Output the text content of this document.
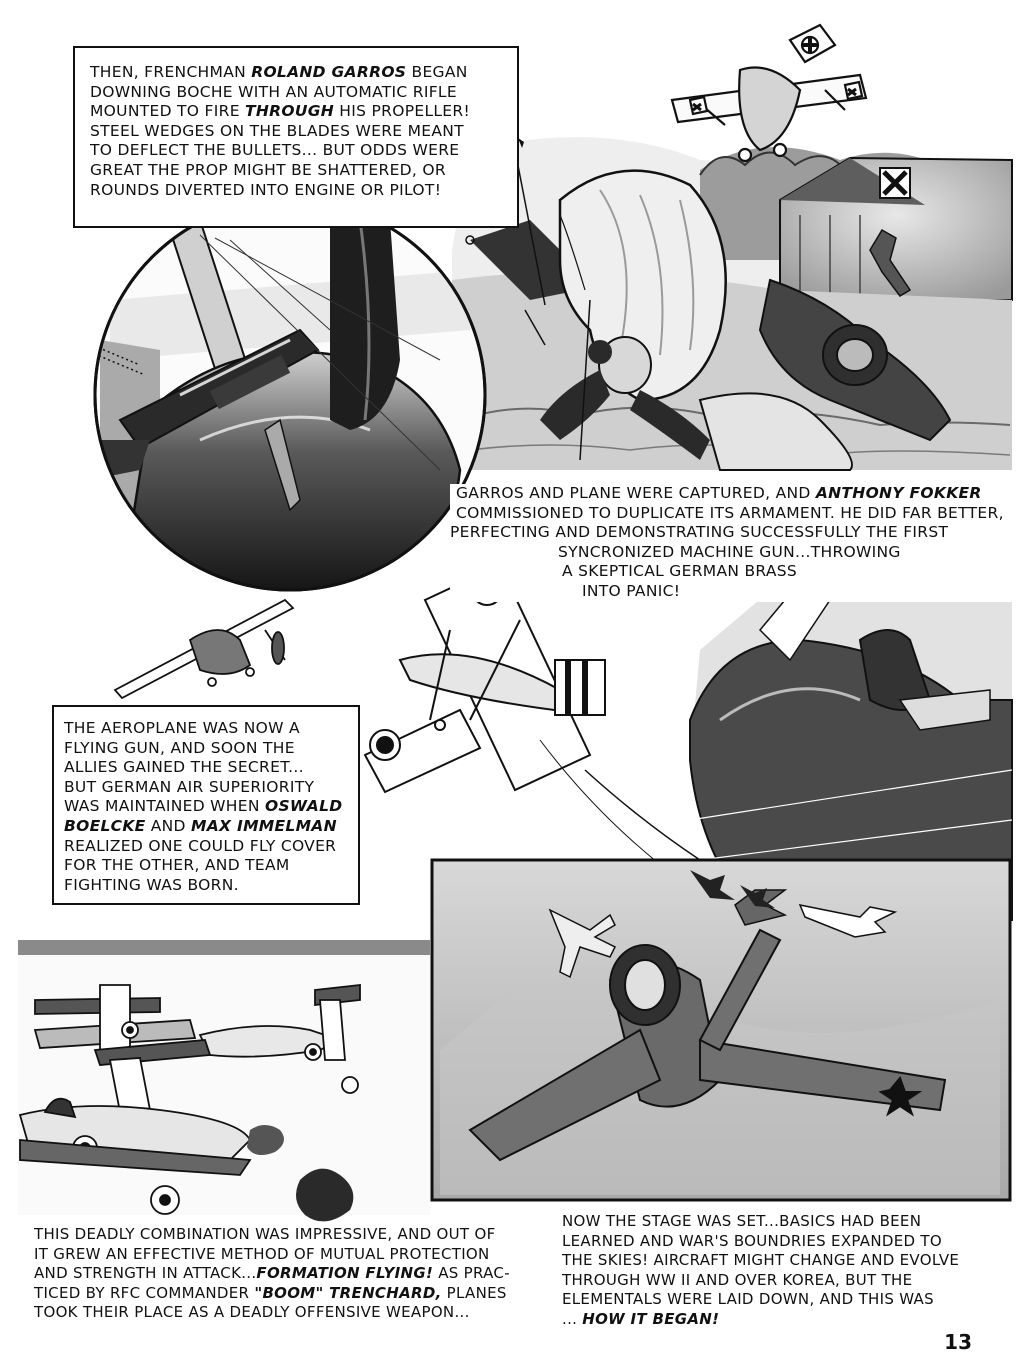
THEN, FRENCHMAN ROLAND GARROS BEGAN
DOWNING BOCHE WITH AN AUTOMATIC RIFLE
MOUNTED TO FIRE THROUGH HIS PROPELLER!
STEEL WEDGES ON THE BLADES WERE MEANT
TO DEFLECT THE BULLETS... BUT ODDS WERE
GREAT THE PROP MIGHT BE SHATTERED, OR
ROUNDS DIVERTED INTO ENGINE OR PILOT!
GARROS AND PLANE WERE CAPTURED, AND ANTHONY FOKKER
COMMISSIONED TO DUPLICATE ITS ARMAMENT. HE DID FAR BETTER,
PERFECTING AND DEMONSTRATING SUCCESSFULLY THE FIRST
SYNCRONIZED MACHINE GUN...THROWING
A SKEPTICAL GERMAN BRASS
INTO PANIC!
THE AEROPLANE WAS NOW A
FLYING GUN, AND SOON THE
ALLIES GAINED THE SECRET...
BUT GERMAN AIR SUPERIORITY
WAS MAINTAINED WHEN OSWALD
BOELCKE AND MAX IMMELMAN
REALIZED ONE COULD FLY COVER
FOR THE OTHER, AND TEAM
FIGHTING WAS BORN.
THIS DEADLY COMBINATION WAS IMPRESSIVE, AND OUT OF
IT GREW AN EFFECTIVE METHOD OF MUTUAL PROTECTION
AND STRENGTH IN ATTACK...FORMATION FLYING! AS PRAC-
TICED BY RFC COMMANDER "BOOM" TRENCHARD, PLANES
TOOK THEIR PLACE AS A DEADLY OFFENSIVE WEAPON...
NOW THE STAGE WAS SET...BASICS HAD BEEN
LEARNED AND WAR'S BOUNDRIES EXPANDED TO
THE SKIES! AIRCRAFT MIGHT CHANGE AND EVOLVE
THROUGH WW II AND OVER KOREA, BUT THE
ELEMENTALS WERE LAID DOWN, AND THIS WAS
... HOW IT BEGAN!
13
